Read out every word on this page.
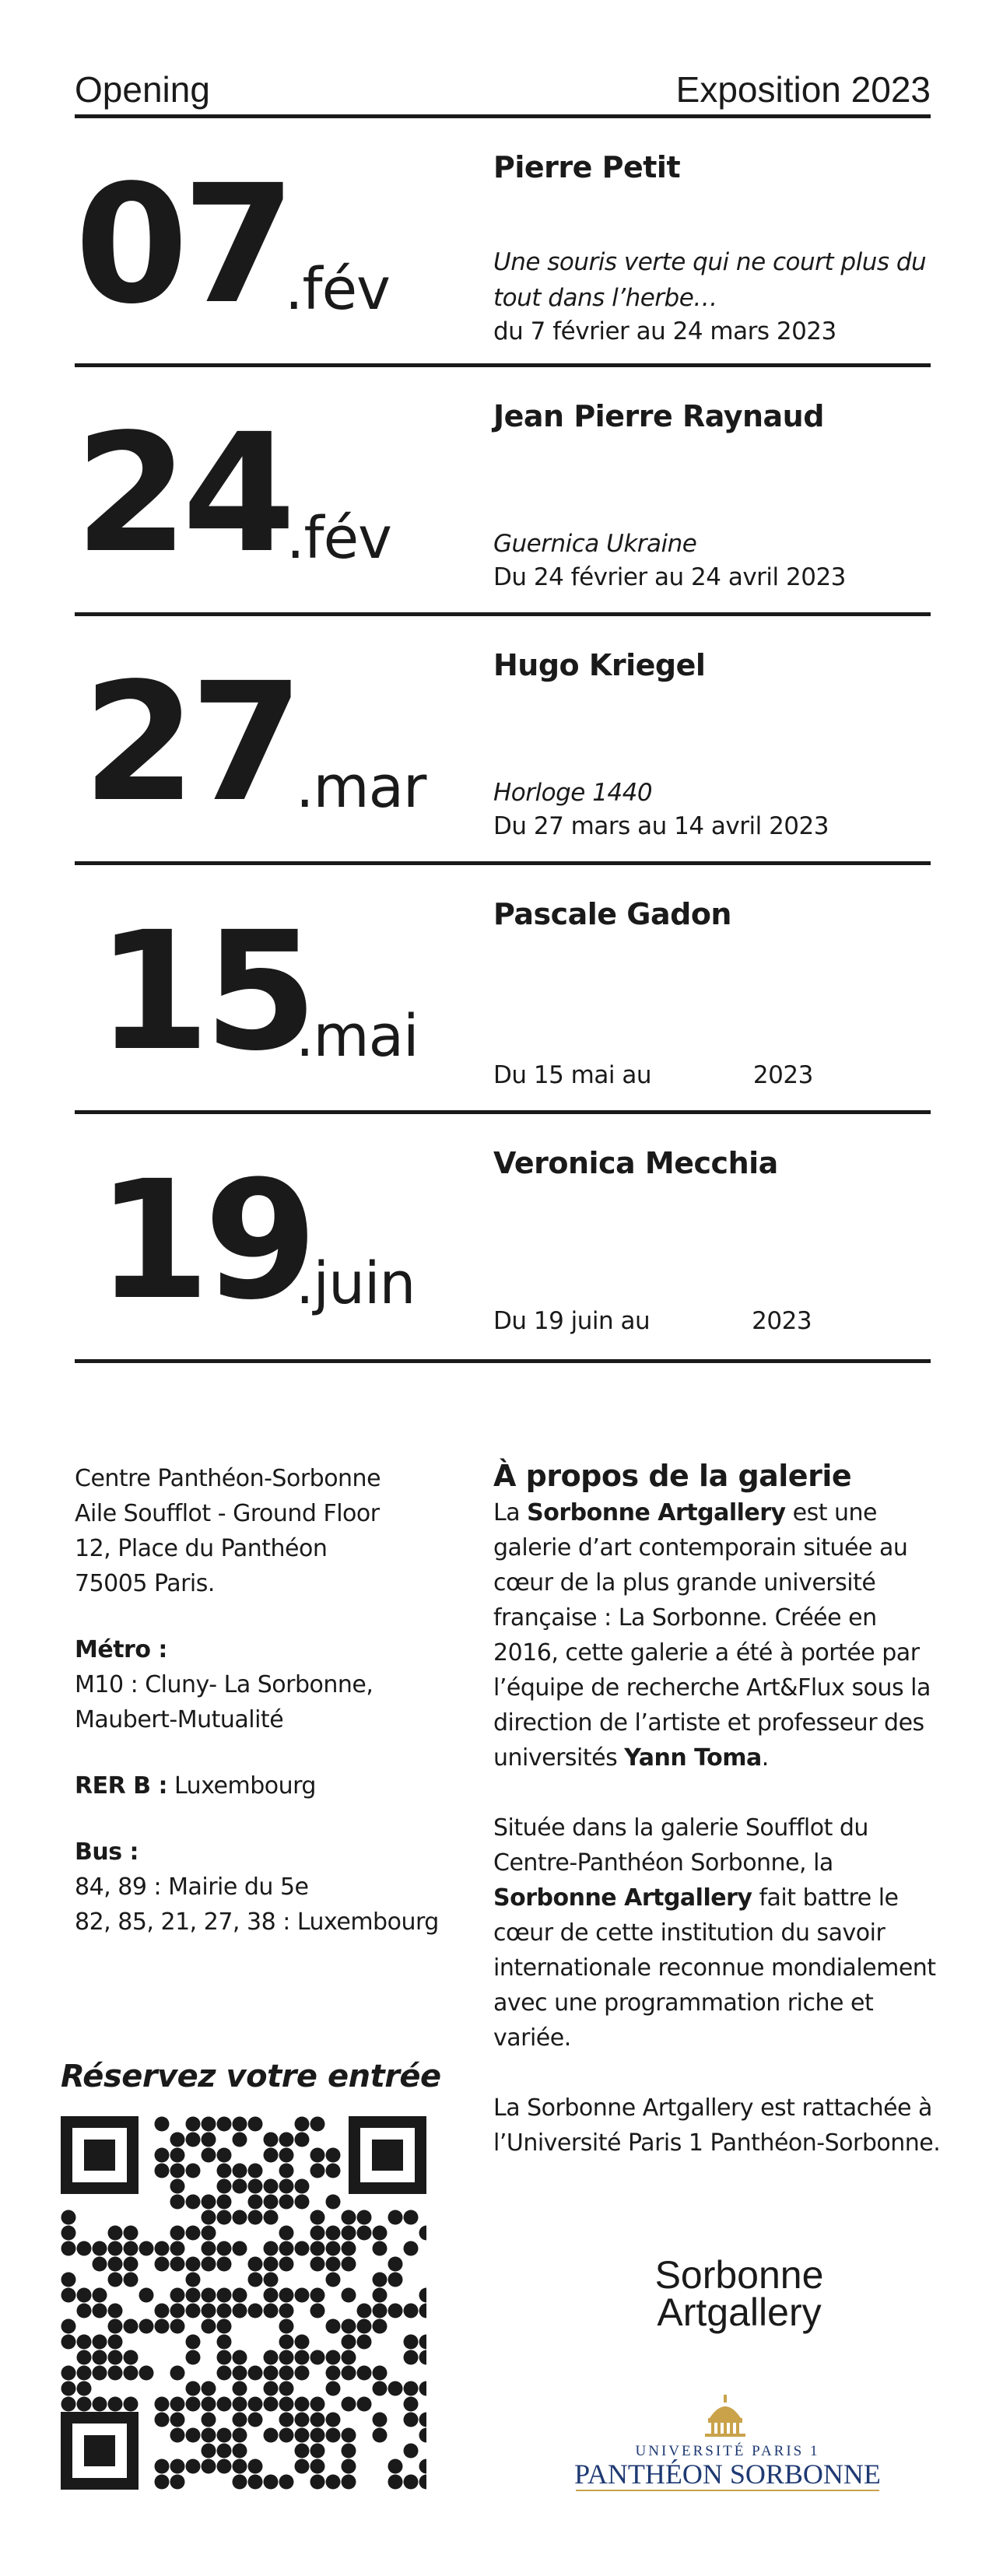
Opening	Exposition 2023
07
.fév
Pierre Petit
Une souris verte qui ne court plus du tout dans l’herbe…
du 7 février au 24 mars 2023
24
.fév
Jean Pierre Raynaud
Guernica Ukraine
Du 24 février au 24 avril 2023
27
.mar
Hugo Kriegel
Horloge 1440
Du 27 mars au 14 avril 2023
15
.mai
Pascale Gadon
Du 15 mai au              2023
19
.juin
Veronica Mecchia
Du 19 juin au              2023

Centre Panthéon-Sorbonne
Aile Soufflot - Ground Floor
12, Place du Panthéon
75005 Paris.

Métro :
M10 : Cluny- La Sorbonne,
Maubert-Mutualité

RER B : Luxembourg

Bus :
84, 89 : Mairie du 5e
82, 85, 21, 27, 38 : Luxembourg

Réservez votre entrée
À propos de la galerie

La Sorbonne Artgallery est une galerie d’art contemporain située au cœur de la plus grande université française : La Sorbonne. Créée en 2016, cette galerie a été à portée par l’équipe de recherche Art&Flux sous la direction de l’artiste et professeur des universités Yann Toma.

Située dans la galerie Soufflot du Centre-Panthéon Sorbonne, la Sorbonne Artgallery fait battre le cœur de cette institution du savoir internationale reconnue mondialement avec une programmation riche et variée.

La Sorbonne Artgallery est rattachée à l’Université Paris 1 Panthéon-Sorbonne.

Sorbonne
Artgallery
UNIVERSITÉ PARIS 1
PANTHÉON SORBONNE
